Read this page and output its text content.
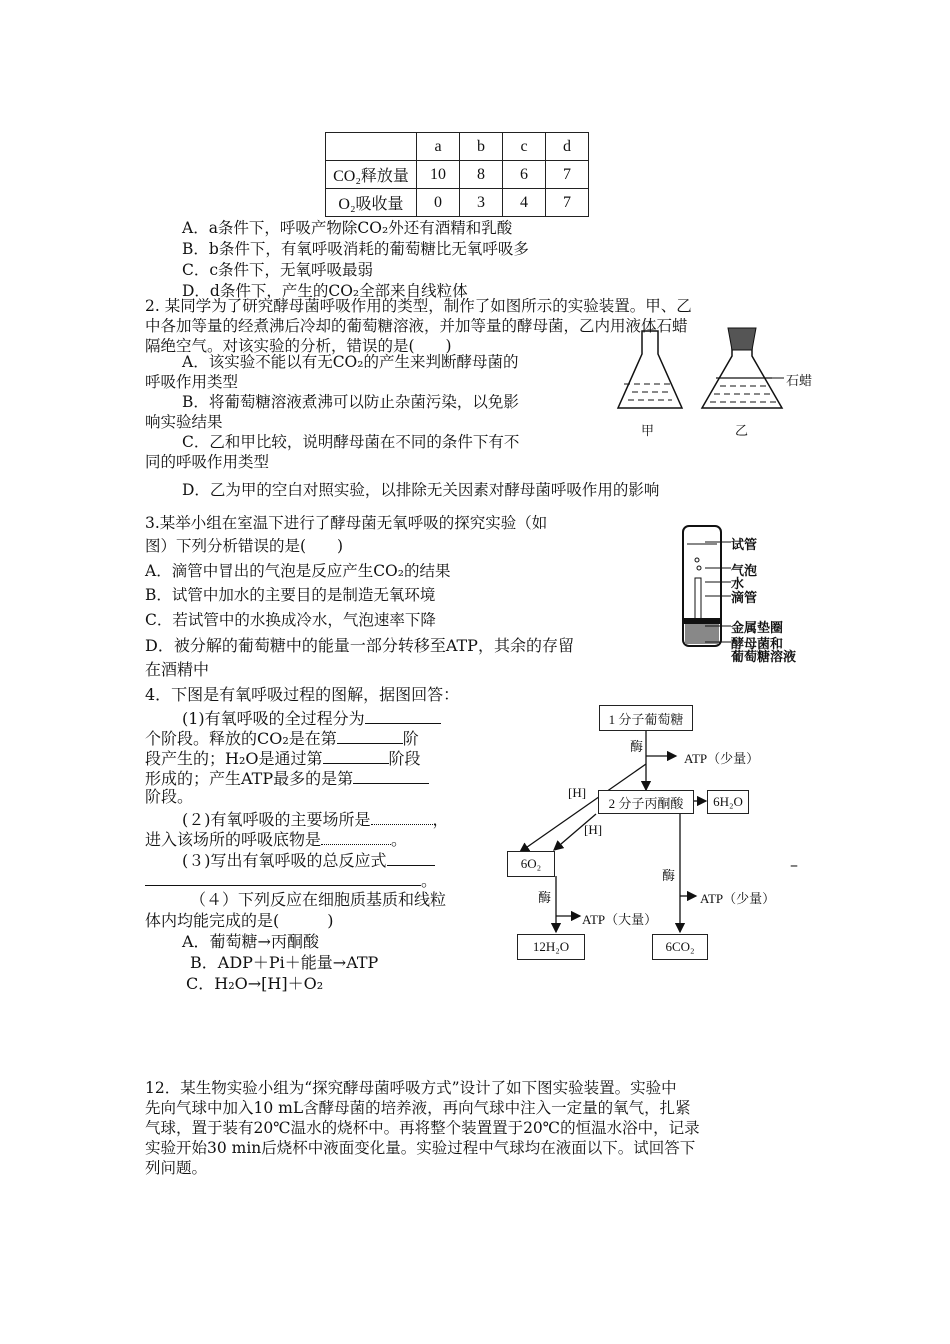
	a	b	c	d
CO₂释放量	10	8	6	7
O₂吸收量	0	3	4	7
A．a条件下，呼吸产物除CO₂外还有酒精和乳酸
B．b条件下，有氧呼吸消耗的葡萄糖比无氧呼吸多
C．c条件下，无氧呼吸最弱
D．d条件下，产生的CO₂全部来自线粒体
2. 某同学为了研究酵母菌呼吸作用的类型，制作了如图所示的实验装置。甲、乙
中各加等量的经煮沸后冷却的葡萄糖溶液，并加等量的酵母菌，乙内用液体石蜡
隔绝空气。对该实验的分析，错误的是(　　)
A．该实验不能以有无CO₂的产生来判断酵母菌的
呼吸作用类型
B．将葡萄糖溶液煮沸可以防止杂菌污染，以免影
响实验结果
C．乙和甲比较，说明酵母菌在不同的条件下有不
同的呼吸作用类型
D．乙为甲的空白对照实验，以排除无关因素对酵母菌呼吸作用的影响
石蜡
甲	乙
3.某举小组在室温下进行了酵母菌无氧呼吸的探究实验（如
图）下列分析错误的是(　　)
A．滴管中冒出的气泡是反应产生CO₂的结果
B．试管中加水的主要目的是制造无氧环境
C．若试管中的水换成冷水，气泡速率下降
D．被分解的葡萄糖中的能量一部分转移至ATP，其余的存留
在酒精中
试管
气泡
水
滴管
金属垫圈
酵母菌和
葡萄糖溶液
4．下图是有氧呼吸过程的图解，据图回答：
(1)有氧呼吸的全过程分为
个阶段。释放的CO₂是在第	阶
段产生的；H₂O是通过第	阶段
形成的；产生ATP最多的是第
阶段。
(２)有氧呼吸的主要场所是	，
进入该场所的呼吸底物是	。
(３)写出有氧呼吸的总反应式
。
（４）下列反应在细胞质基质和线粒
体内均能完成的是(　　　)
A．葡萄糖→丙酮酸
B．ADP＋Pi＋能量→ATP
C．H₂O→[H]＋O₂
1 分子葡萄糖
酶
ATP（少量）
[H]
2 分子丙酮酸	6H₂O
[H]
6O₂
酶
酶
ATP（少量）
ATP（大量）
12H₂O	6CO₂
–
12．某生物实验小组为“探究酵母菌呼吸方式”设计了如下图实验装置。实验中
先向气球中加入10 mL含酵母菌的培养液，再向气球中注入一定量的氧气，扎紧
气球，置于装有20℃温水的烧杯中。再将整个装置置于20℃的恒温水浴中，记录
实验开始30 min后烧杯中液面变化量。实验过程中气球均在液面以下。试回答下
列问题。
